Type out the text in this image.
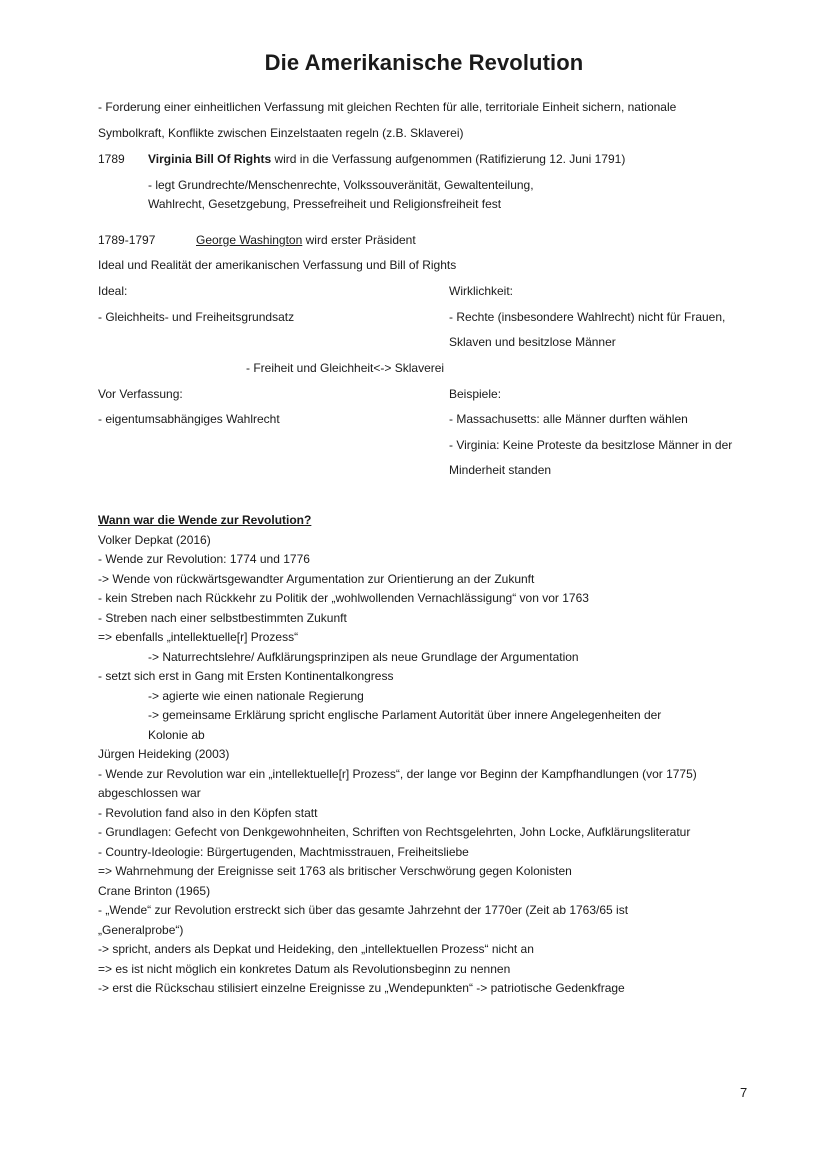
Die Amerikanische Revolution
- Forderung einer einheitlichen Verfassung mit gleichen Rechten für alle, territoriale Einheit sichern, nationale
Symbolkraft, Konflikte zwischen Einzelstaaten regeln (z.B. Sklaverei)
1789 Virginia Bill Of Rights wird in die Verfassung aufgenommen (Ratifizierung 12. Juni 1791)
- legt Grundrechte/Menschenrechte, Volkssouveränität, Gewaltenteilung,
Wahlrecht, Gesetzgebung, Pressefreiheit und Religionsfreiheit fest
1789-1797	George Washington wird erster Präsident
Ideal und Realität der amerikanischen Verfassung und Bill of Rights
Ideal:	Wirklichkeit:
- Gleichheits- und Freiheitsgrundsatz	- Rechte (insbesondere Wahlrecht) nicht für Frauen,
Sklaven und besitzlose Männer
- Freiheit und Gleichheit<-> Sklaverei
Vor Verfassung:	Beispiele:
- eigentumsabhängiges Wahlrecht	- Massachusetts: alle Männer durften wählen
- Virginia: Keine Proteste da besitzlose Männer in der
Minderheit standen
Wann war die Wende zur Revolution?
Volker Depkat (2016)
- Wende zur Revolution: 1774 und 1776
-> Wende von rückwärtsgewandter Argumentation zur Orientierung an der Zukunft
- kein Streben nach Rückkehr zu Politik der „wohlwollenden Vernachlässigung“ von vor 1763
- Streben nach einer selbstbestimmten Zukunft
=> ebenfalls „intellektuelle[r] Prozess“
-> Naturrechtslehre/ Aufklärungsprinzipen als neue Grundlage der Argumentation
- setzt sich erst in Gang mit Ersten Kontinentalkongress
-> agierte wie einen nationale Regierung
-> gemeinsame Erklärung spricht englische Parlament Autorität über innere Angelegenheiten der
Kolonie ab
Jürgen Heideking (2003)
- Wende zur Revolution war ein „intellektuelle[r] Prozess“, der lange vor Beginn der Kampfhandlungen (vor 1775)
abgeschlossen war
- Revolution fand also in den Köpfen statt
- Grundlagen: Gefecht von Denkgewohnheiten, Schriften von Rechtsgelehrten, John Locke, Aufklärungsliteratur
- Country-Ideologie: Bürgertugenden, Machtmisstrauen, Freiheitsliebe
=> Wahrnehmung der Ereignisse seit 1763 als britischer Verschwörung gegen Kolonisten
Crane Brinton (1965)
- „Wende“ zur Revolution erstreckt sich über das gesamte Jahrzehnt der 1770er (Zeit ab 1763/65 ist
„Generalprobe“)
-> spricht, anders als Depkat und Heideking, den „intellektuellen Prozess“ nicht an
=> es ist nicht möglich ein konkretes Datum als Revolutionsbeginn zu nennen
-> erst die Rückschau stilisiert einzelne Ereignisse zu „Wendepunkten“ -> patriotische Gedenkfrage
7
